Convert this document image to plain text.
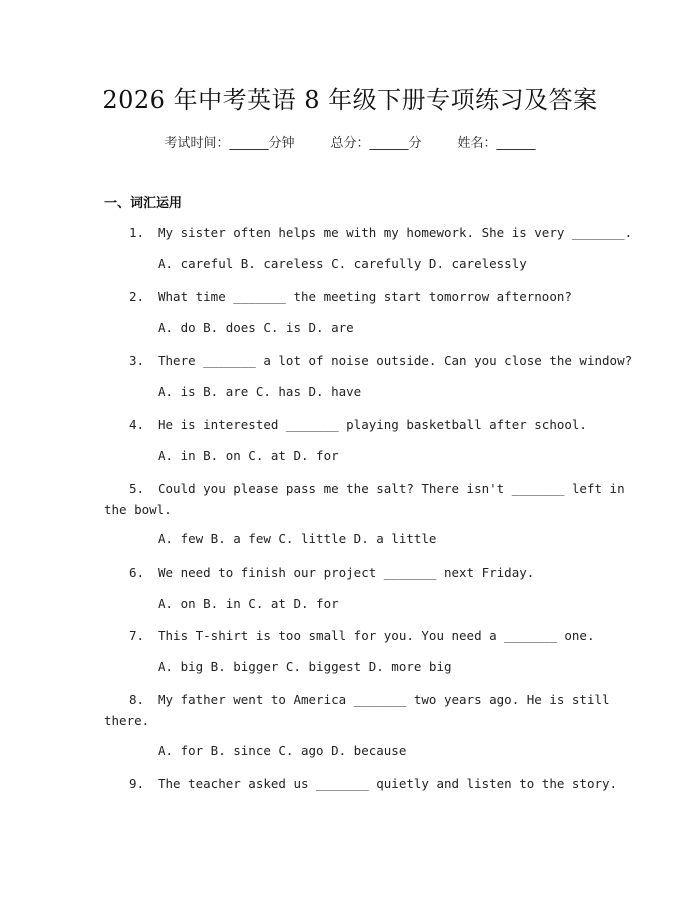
2026 年中考英语 8 年级下册专项练习及答案
考试时间：______分钟	总分：______分	姓名：______
一、词汇运用
1. My sister often helps me with my homework. She is very _______.
A. careful B. careless C. carefully D. carelessly
2. What time _______ the meeting start tomorrow afternoon?
A. do B. does C. is D. are
3. There _______ a lot of noise outside. Can you close the window?
A. is B. are C. has D. have
4. He is interested _______ playing basketball after school.
A. in B. on C. at D. for
5. Could you please pass me the salt? There isn't _______ left in
the bowl.
A. few B. a few C. little D. a little
6. We need to finish our project _______ next Friday.
A. on B. in C. at D. for
7. This T-shirt is too small for you. You need a _______ one.
A. big B. bigger C. biggest D. more big
8. My father went to America _______ two years ago. He is still
there.
A. for B. since C. ago D. because
9. The teacher asked us _______ quietly and listen to the story.
